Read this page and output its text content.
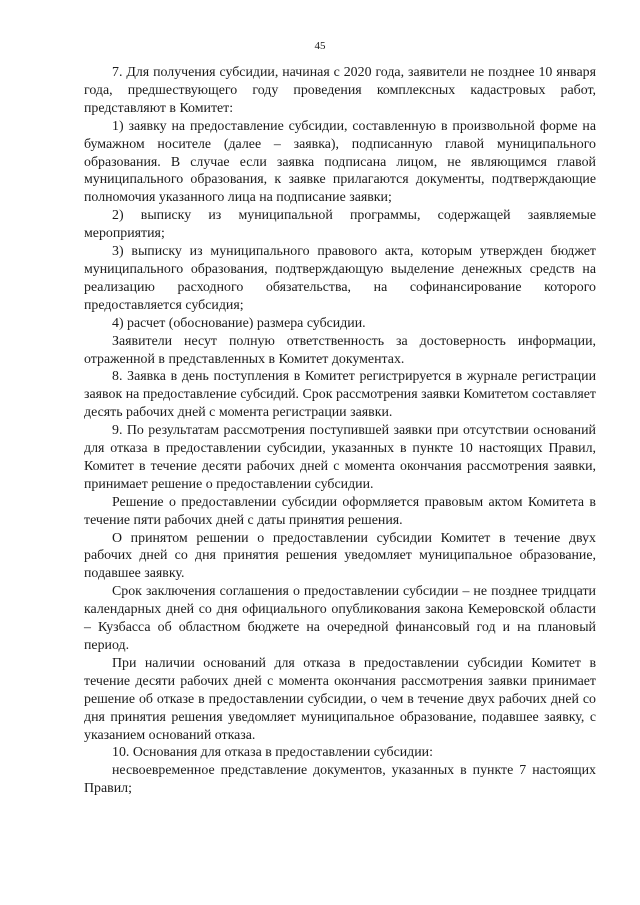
45

7. Для получения субсидии, начиная с 2020 года, заявители не позднее 10 января года, предшествующего году проведения комплексных кадастровых работ, представляют в Комитет:

1) заявку на предоставление субсидии, составленную в произвольной форме на бумажном носителе (далее – заявка), подписанную главой муниципального образования. В случае если заявка подписана лицом, не являющимся главой муниципального образования, к заявке прилагаются документы, подтверждающие полномочия указанного лица на подписание заявки;

2) выписку из муниципальной программы, содержащей заявляемые мероприятия;

3) выписку из муниципального правового акта, которым утвержден бюджет муниципального образования, подтверждающую выделение денежных средств на реализацию расходного обязательства, на софинансирование которого предоставляется субсидия;

4) расчет (обоснование) размера субсидии.

Заявители несут полную ответственность за достоверность информации, отраженной в представленных в Комитет документах.

8. Заявка в день поступления в Комитет регистрируется в журнале регистрации заявок на предоставление субсидий. Срок рассмотрения заявки Комитетом составляет десять рабочих дней с момента регистрации заявки.

9. По результатам рассмотрения поступившей заявки при отсутствии оснований для отказа в предоставлении субсидии, указанных в пункте 10 настоящих Правил, Комитет в течение десяти рабочих дней с момента окончания рассмотрения заявки, принимает решение о предоставлении субсидии.

Решение о предоставлении субсидии оформляется правовым актом Комитета в течение пяти рабочих дней с даты принятия решения.

О принятом решении о предоставлении субсидии Комитет в течение двух рабочих дней со дня принятия решения уведомляет муниципальное образование, подавшее заявку.

Срок заключения соглашения о предоставлении субсидии – не позднее тридцати календарных дней со дня официального опубликования закона Кемеровской области – Кузбасса об областном бюджете на очередной финансовый год и на плановый период.

При наличии оснований для отказа в предоставлении субсидии Комитет в течение десяти рабочих дней с момента окончания рассмотрения заявки принимает решение об отказе в предоставлении субсидии, о чем в течение двух рабочих дней со дня принятия решения уведомляет муниципальное образование, подавшее заявку, с указанием оснований отказа.

10. Основания для отказа в предоставлении субсидии:

несвоевременное представление документов, указанных в пункте 7 настоящих Правил;
